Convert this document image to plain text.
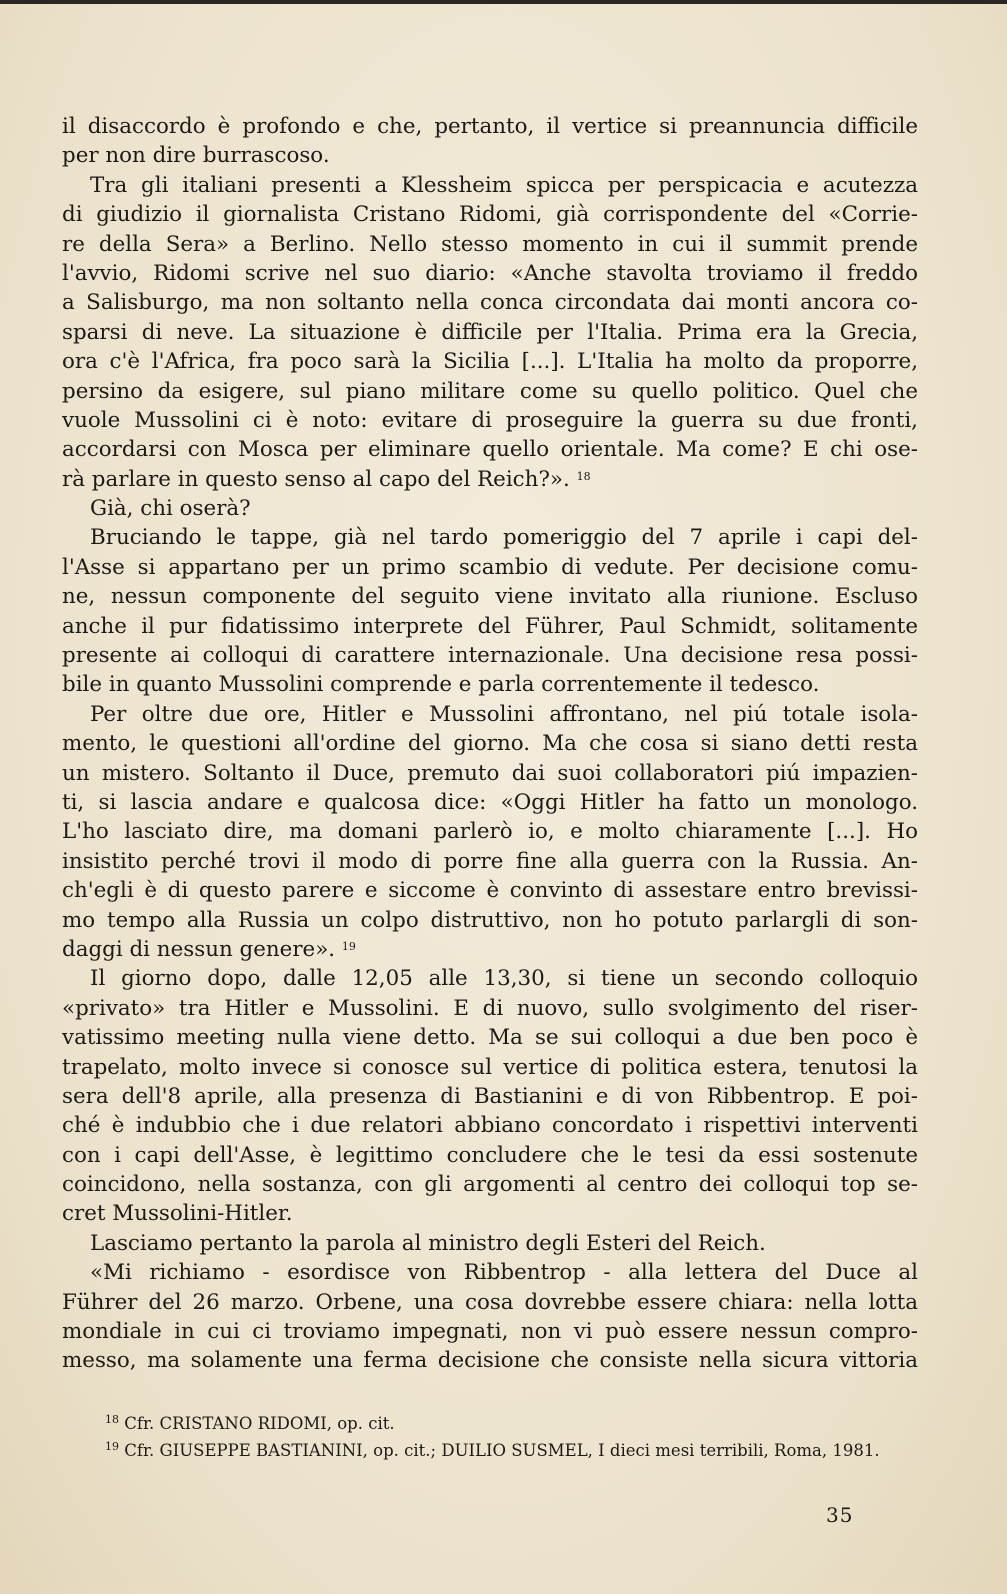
il disaccordo è profondo e che, pertanto, il vertice si preannuncia difficile
per non dire burrascoso.
Tra gli italiani presenti a Klessheim spicca per perspicacia e acutezza
di giudizio il giornalista Cristano Ridomi, già corrispondente del «Corrie-
re della Sera» a Berlino. Nello stesso momento in cui il summit prende
l'avvio, Ridomi scrive nel suo diario: «Anche stavolta troviamo il freddo
a Salisburgo, ma non soltanto nella conca circondata dai monti ancora co-
sparsi di neve. La situazione è difficile per l'Italia. Prima era la Grecia,
ora c'è l'Africa, fra poco sarà la Sicilia [...]. L'Italia ha molto da proporre,
persino da esigere, sul piano militare come su quello politico. Quel che
vuole Mussolini ci è noto: evitare di proseguire la guerra su due fronti,
accordarsi con Mosca per eliminare quello orientale. Ma come? E chi ose-
rà parlare in questo senso al capo del Reich?». $^{18}$
Già, chi oserà?
Bruciando le tappe, già nel tardo pomeriggio del 7 aprile i capi del-
l'Asse si appartano per un primo scambio di vedute. Per decisione comu-
ne, nessun componente del seguito viene invitato alla riunione. Escluso
anche il pur fidatissimo interprete del Führer, Paul Schmidt, solitamente
presente ai colloqui di carattere internazionale. Una decisione resa possi-
bile in quanto Mussolini comprende e parla correntemente il tedesco.
Per oltre due ore, Hitler e Mussolini affrontano, nel piú totale isola-
mento, le questioni all'ordine del giorno. Ma che cosa si siano detti resta
un mistero. Soltanto il Duce, premuto dai suoi collaboratori piú impazien-
ti, si lascia andare e qualcosa dice: «Oggi Hitler ha fatto un monologo.
L'ho lasciato dire, ma domani parlerò io, e molto chiaramente [...]. Ho
insistito perché trovi il modo di porre fine alla guerra con la Russia. An-
ch'egli è di questo parere e siccome è convinto di assestare entro brevissi-
mo tempo alla Russia un colpo distruttivo, non ho potuto parlargli di son-
daggi di nessun genere». $^{19}$
Il giorno dopo, dalle 12,05 alle 13,30, si tiene un secondo colloquio
«privato» tra Hitler e Mussolini. E di nuovo, sullo svolgimento del riser-
vatissimo meeting nulla viene detto. Ma se sui colloqui a due ben poco è
trapelato, molto invece si conosce sul vertice di politica estera, tenutosi la
sera dell'8 aprile, alla presenza di Bastianini e di von Ribbentrop. E poi-
ché è indubbio che i due relatori abbiano concordato i rispettivi interventi
con i capi dell'Asse, è legittimo concludere che le tesi da essi sostenute
coincidono, nella sostanza, con gli argomenti al centro dei colloqui top se-
cret Mussolini-Hitler.
Lasciamo pertanto la parola al ministro degli Esteri del Reich.
«Mi richiamo - esordisce von Ribbentrop - alla lettera del Duce al
Führer del 26 marzo. Orbene, una cosa dovrebbe essere chiara: nella lotta
mondiale in cui ci troviamo impegnati, non vi può essere nessun compro-
messo, ma solamente una ferma decisione che consiste nella sicura vittoria
$^{18}$ Cfr. CRISTANO RIDOMI, op. cit.
$^{19}$ Cfr. GIUSEPPE BASTIANINI, op. cit.; DUILIO SUSMEL, I dieci mesi terribili, Roma, 1981.
35
